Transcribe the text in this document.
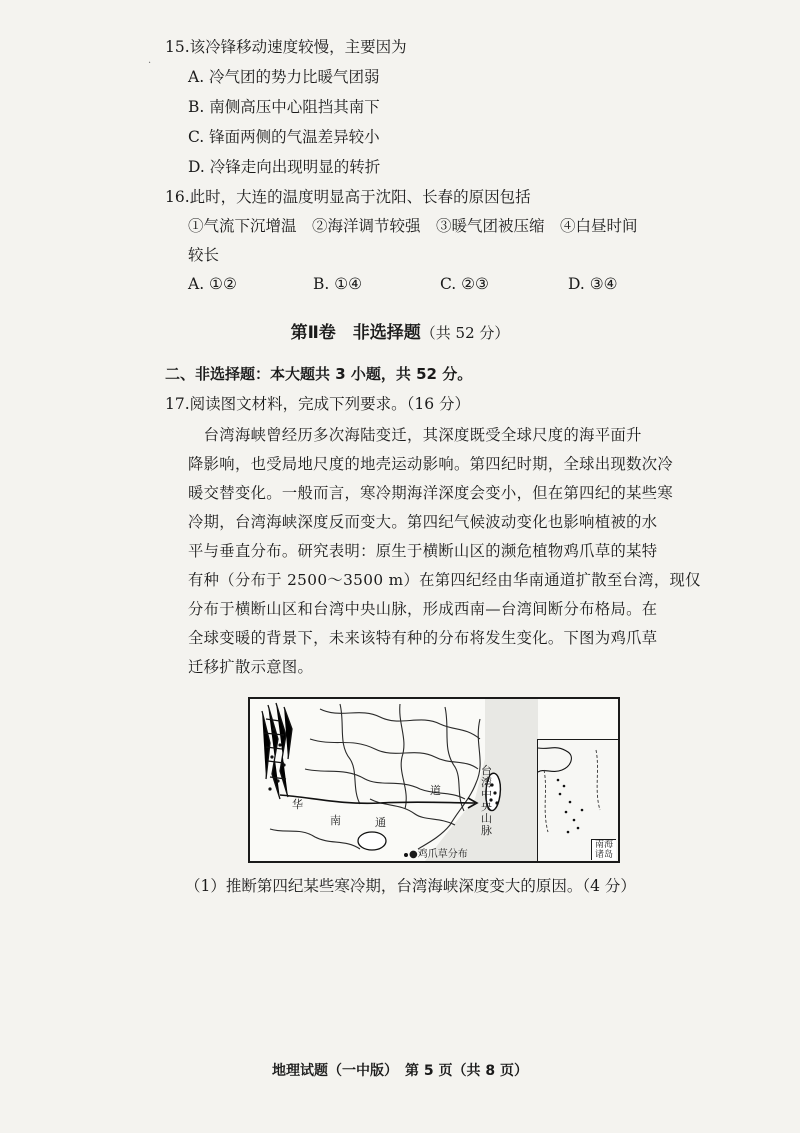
·
15.该冷锋移动速度较慢，主要因为
A. 冷气团的势力比暖气团弱
B. 南侧高压中心阻挡其南下
C. 锋面两侧的气温差异较小
D. 冷锋走向出现明显的转折
16.此时，大连的温度明显高于沈阳、长春的原因包括
①气流下沉增温　②海洋调节较强　③暖气团被压缩　④白昼时间
较长
A. ①②	B. ①④	C. ②③	D. ③④
第Ⅱ卷　非选择题（共 52 分）
二、非选择题：本大题共 3 小题，共 52 分。
17.阅读图文材料，完成下列要求。（16 分）
　台湾海峡曾经历多次海陆变迁，其深度既受全球尺度的海平面升
降影响，也受局地尺度的地壳运动影响。第四纪时期，全球出现数次冷
暖交替变化。一般而言，寒冷期海洋深度会变小，但在第四纪的某些寒
冷期，台湾海峡深度反而变大。第四纪气候波动变化也影响植被的水
平与垂直分布。研究表明：原生于横断山区的濒危植物鸡爪草的某特
有种（分布于 2500～3500 m）在第四纪经由华南通道扩散至台湾，现仅
分布于横断山区和台湾中央山脉，形成西南—台湾间断分布格局。在
全球变暖的背景下，未来该特有种的分布将发生变化。下图为鸡爪草
迁移扩散示意图。
华
南	通
道
台
湾
中
央
山
脉
●鸡爪草分布
南海诸岛
（1）推断第四纪某些寒冷期，台湾海峡深度变大的原因。（4 分）
地理试题（一中版）　第 5 页（共 8 页）
